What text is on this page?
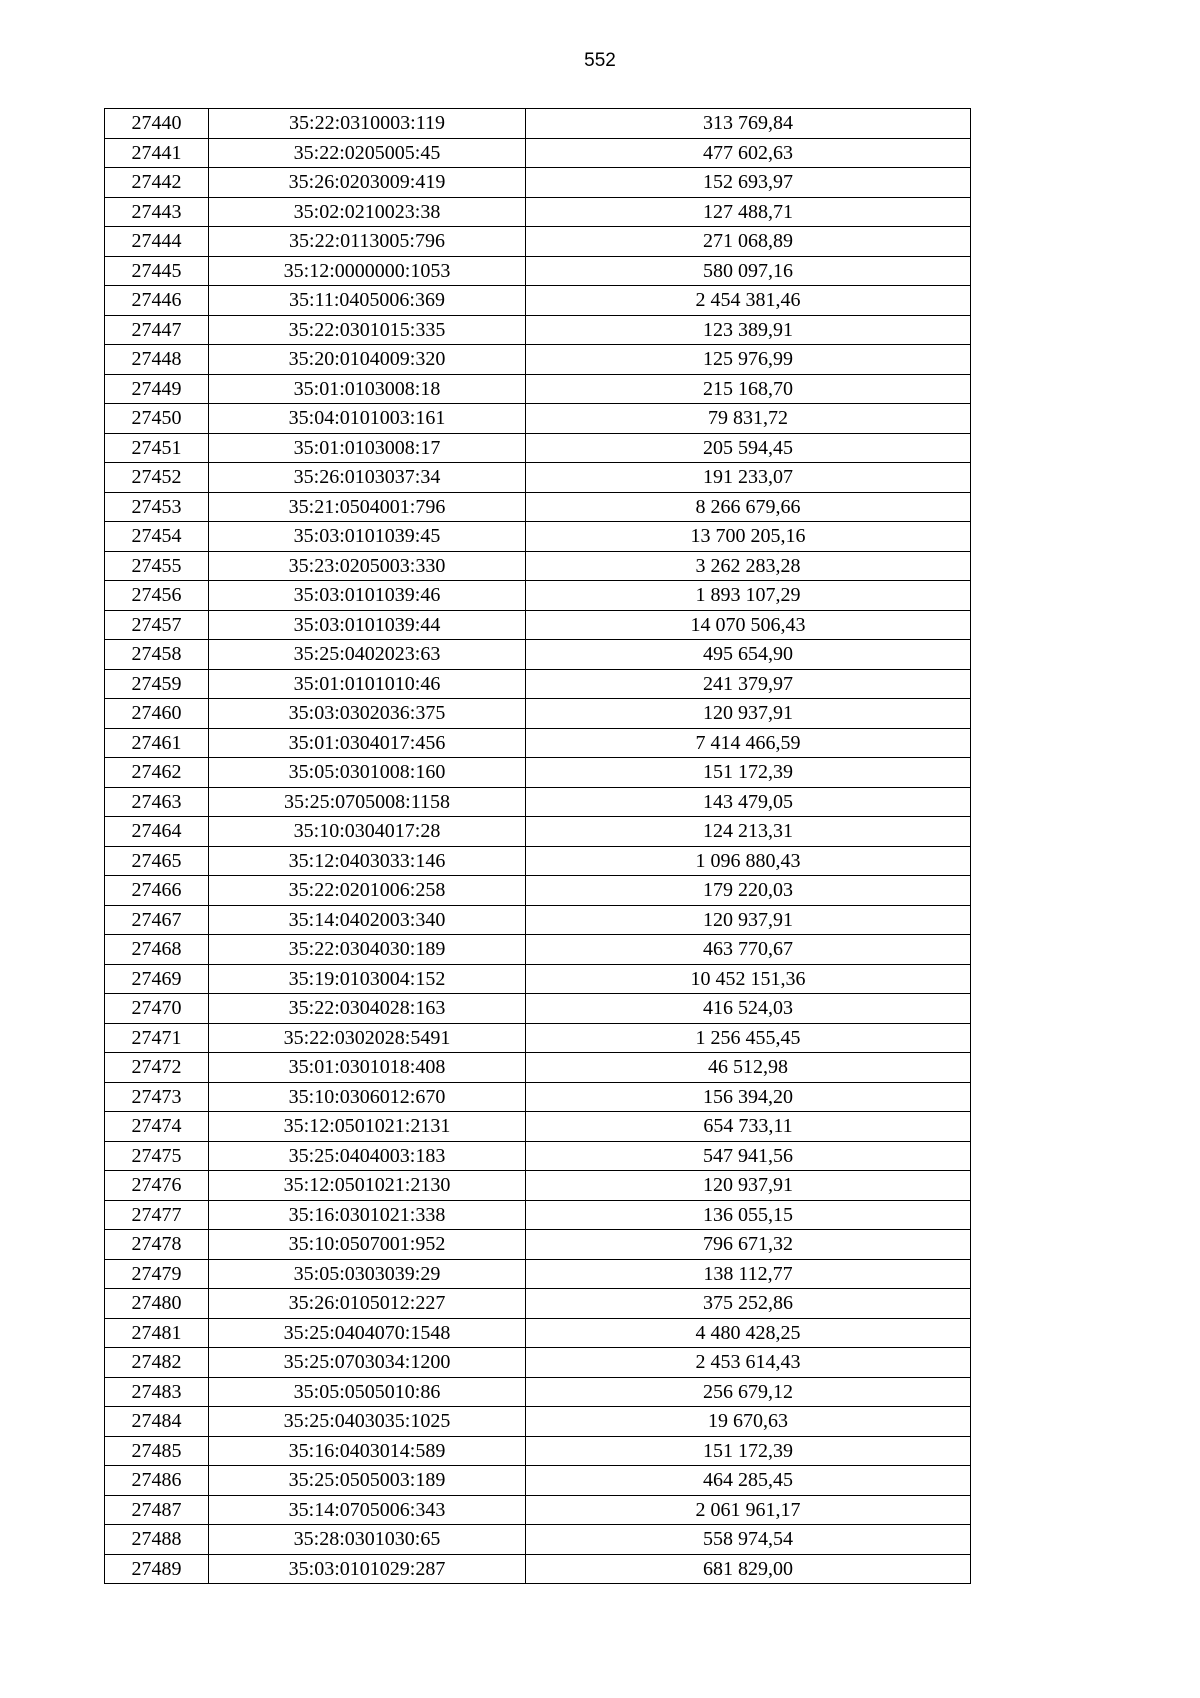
552
27440	35:22:0310003:119	313 769,84
27441	35:22:0205005:45	477 602,63
27442	35:26:0203009:419	152 693,97
27443	35:02:0210023:38	127 488,71
27444	35:22:0113005:796	271 068,89
27445	35:12:0000000:1053	580 097,16
27446	35:11:0405006:369	2 454 381,46
27447	35:22:0301015:335	123 389,91
27448	35:20:0104009:320	125 976,99
27449	35:01:0103008:18	215 168,70
27450	35:04:0101003:161	79 831,72
27451	35:01:0103008:17	205 594,45
27452	35:26:0103037:34	191 233,07
27453	35:21:0504001:796	8 266 679,66
27454	35:03:0101039:45	13 700 205,16
27455	35:23:0205003:330	3 262 283,28
27456	35:03:0101039:46	1 893 107,29
27457	35:03:0101039:44	14 070 506,43
27458	35:25:0402023:63	495 654,90
27459	35:01:0101010:46	241 379,97
27460	35:03:0302036:375	120 937,91
27461	35:01:0304017:456	7 414 466,59
27462	35:05:0301008:160	151 172,39
27463	35:25:0705008:1158	143 479,05
27464	35:10:0304017:28	124 213,31
27465	35:12:0403033:146	1 096 880,43
27466	35:22:0201006:258	179 220,03
27467	35:14:0402003:340	120 937,91
27468	35:22:0304030:189	463 770,67
27469	35:19:0103004:152	10 452 151,36
27470	35:22:0304028:163	416 524,03
27471	35:22:0302028:5491	1 256 455,45
27472	35:01:0301018:408	46 512,98
27473	35:10:0306012:670	156 394,20
27474	35:12:0501021:2131	654 733,11
27475	35:25:0404003:183	547 941,56
27476	35:12:0501021:2130	120 937,91
27477	35:16:0301021:338	136 055,15
27478	35:10:0507001:952	796 671,32
27479	35:05:0303039:29	138 112,77
27480	35:26:0105012:227	375 252,86
27481	35:25:0404070:1548	4 480 428,25
27482	35:25:0703034:1200	2 453 614,43
27483	35:05:0505010:86	256 679,12
27484	35:25:0403035:1025	19 670,63
27485	35:16:0403014:589	151 172,39
27486	35:25:0505003:189	464 285,45
27487	35:14:0705006:343	2 061 961,17
27488	35:28:0301030:65	558 974,54
27489	35:03:0101029:287	681 829,00
